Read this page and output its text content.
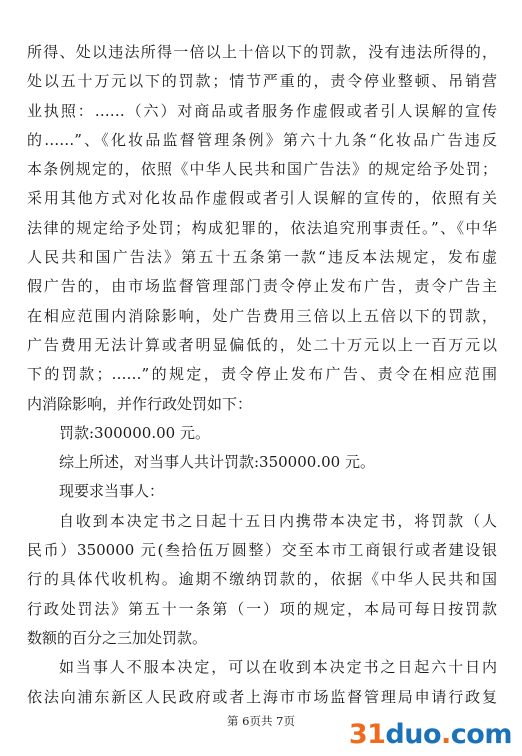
所得、处以违法所得一倍以上十倍以下的罚款，没有违法所得的，
处以五十万元以下的罚款；情节严重的，责令停业整顿、吊销营
业执照：……（六）对商品或者服务作虚假或者引人误解的宣传
的……”、《化妆品监督管理条例》第六十九条“化妆品广告违反
本条例规定的，依照《中华人民共和国广告法》的规定给予处罚；
采用其他方式对化妆品作虚假或者引人误解的宣传的，依照有关
法律的规定给予处罚；构成犯罪的，依法追究刑事责任。”、《中华
人民共和国广告法》第五十五条第一款“违反本法规定，发布虚
假广告的，由市场监督管理部门责令停止发布广告，责令广告主
在相应范围内消除影响，处广告费用三倍以上五倍以下的罚款，
广告费用无法计算或者明显偏低的，处二十万元以上一百万元以
下的罚款；……”的规定，责令停止发布广告、责令在相应范围
内消除影响，并作行政处罚如下：
罚款:300000.00 元。
综上所述，对当事人共计罚款:350000.00 元。
现要求当事人：
自收到本决定书之日起十五日内携带本决定书，将罚款（人
民币）350000 元(叁拾伍万圆整）交至本市工商银行或者建设银
行的具体代收机构。逾期不缴纳罚款的，依据《中华人民共和国
行政处罚法》第五十一条第（一）项的规定，本局可每日按罚款
数额的百分之三加处罚款。
如当事人不服本决定，可以在收到本决定书之日起六十日内
依法向浦东新区人民政府或者上海市市场监督管理局申请行政复
第 6页共 7页	31duo.com
